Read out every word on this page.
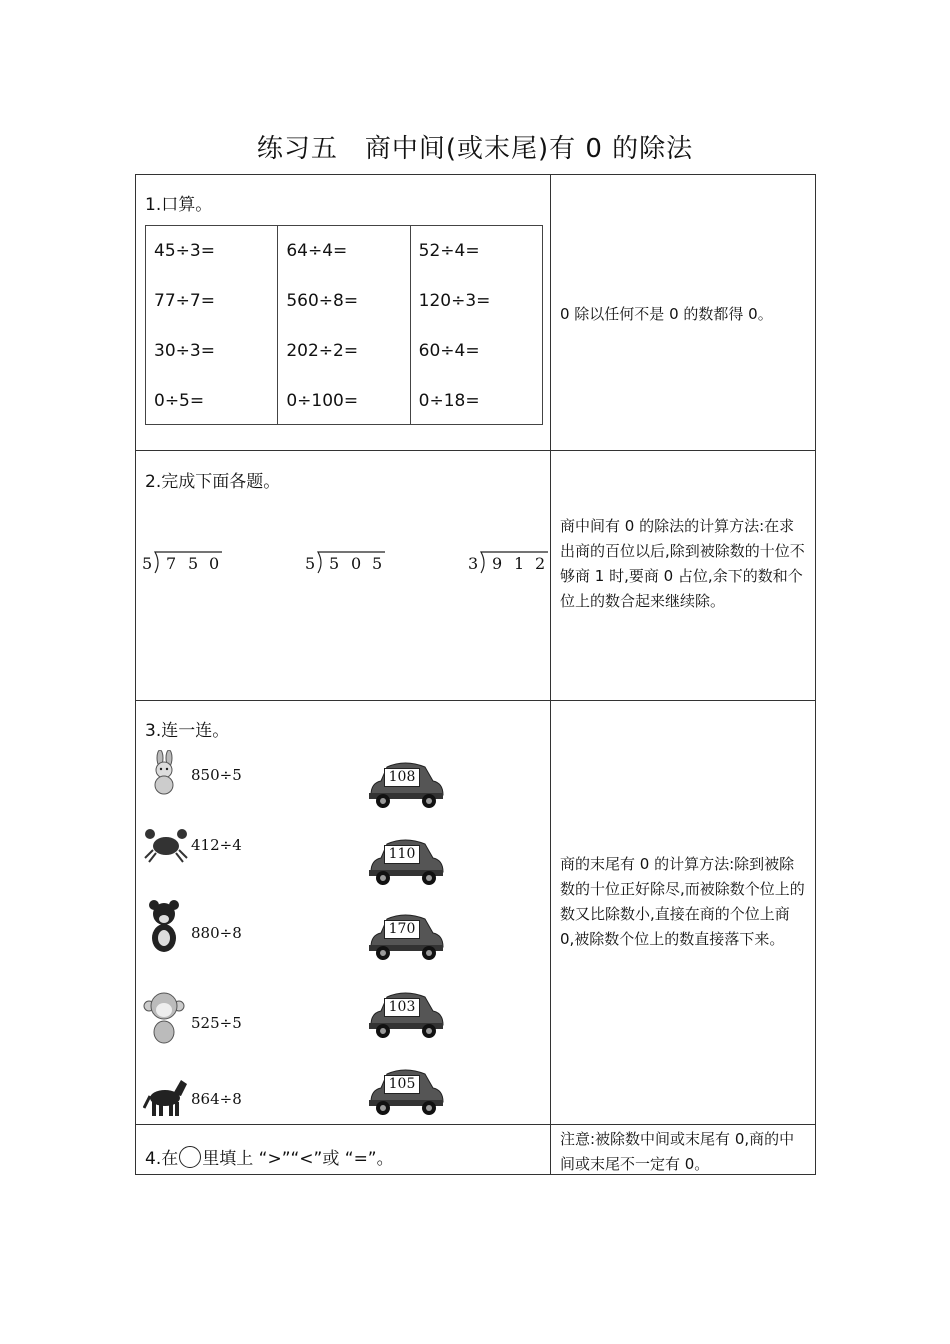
练习五　商中间(或末尾)有 0 的除法
1.口算。
45÷3=
77÷7=
30÷3=
0÷5=
64÷4=
560÷8=
202÷2=
0÷100=
52÷4=
120÷3=
60÷4=
0÷18=
0 除以任何不是 0 的数都得 0。
2.完成下面各题。
5 7 5 0	5 5 0 5	3 9 1 2
商中间有 0 的除法的计算方法:在求出商的百位以后,除到被除数的十位不够商 1 时,要商 0 占位,余下的数和个位上的数合起来继续除。
3.连一连。
850÷5
412÷4
880÷8
525÷5
864÷8
108
110
170
103
105
商的末尾有 0 的计算方法:除到被除数的十位正好除尽,而被除数个位上的数又比除数小,直接在商的个位上商 0,被除数个位上的数直接落下来。
4.在 里填上 “>”“<”或 “=”。
注意:被除数中间或末尾有 0,商的中间或末尾不一定有 0。
